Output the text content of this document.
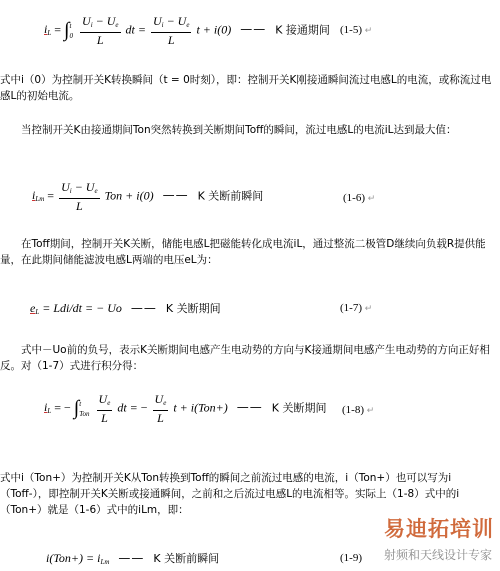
$i_L$ = ∫ t
0
$\frac{U_i - U_e}{L}$ dt = $\frac{U_i - U_e}{L}$ t + i(0) —— K 接通期间 (1-5) ↵
式中i（0）为控制开关K转换瞬间（t = 0时刻），即：控制开关K刚接通瞬间流过电感L的电流，或称流过电感L的初始电流。
当控制开关K由接通期间Ton突然转换到关断期间Toff的瞬间，流过电感L的电流iL达到最大值：
$i_{Lm} = \frac{U_i - U_e}{L}$ Ton + i(0) —— K 关断前瞬间	(1-6) ↵
在Toff期间，控制开关K关断，储能电感L把磁能转化成电流iL，通过整流二极管D继续向负载R提供能量，在此期间储能滤波电感L两端的电压eL为：
$e_L = Ldi/dt$ = − Uo —— K 关断期间	(1-7) ↵
式中－Uo前的负号，表示K关断期间电感产生电动势的方向与K接通期间电感产生电动势的方向正好相反。对（1-7）式进行积分得：
$i_L$ = − ∫ t
Ton
$\frac{U_e}{L}$ dt = − $\frac{U_e}{L}$ t + i(Ton+) —— K 关断期间 (1-8) ↵
式中i（Ton+）为控制开关K从Ton转换到Toff的瞬间之前流过电感的电流，i（Ton+）也可以写为i（Toff-），即控制开关K关断或接通瞬间，之前和之后流过电感L的电流相等。实际上（1-8）式中的i（Ton+）就是（1-6）式中的iLm，即：
$i(Ton+) = i_{Lm}$ —— K 关断前瞬间	(1-9)
易迪拓培训
射频和天线设计专家
